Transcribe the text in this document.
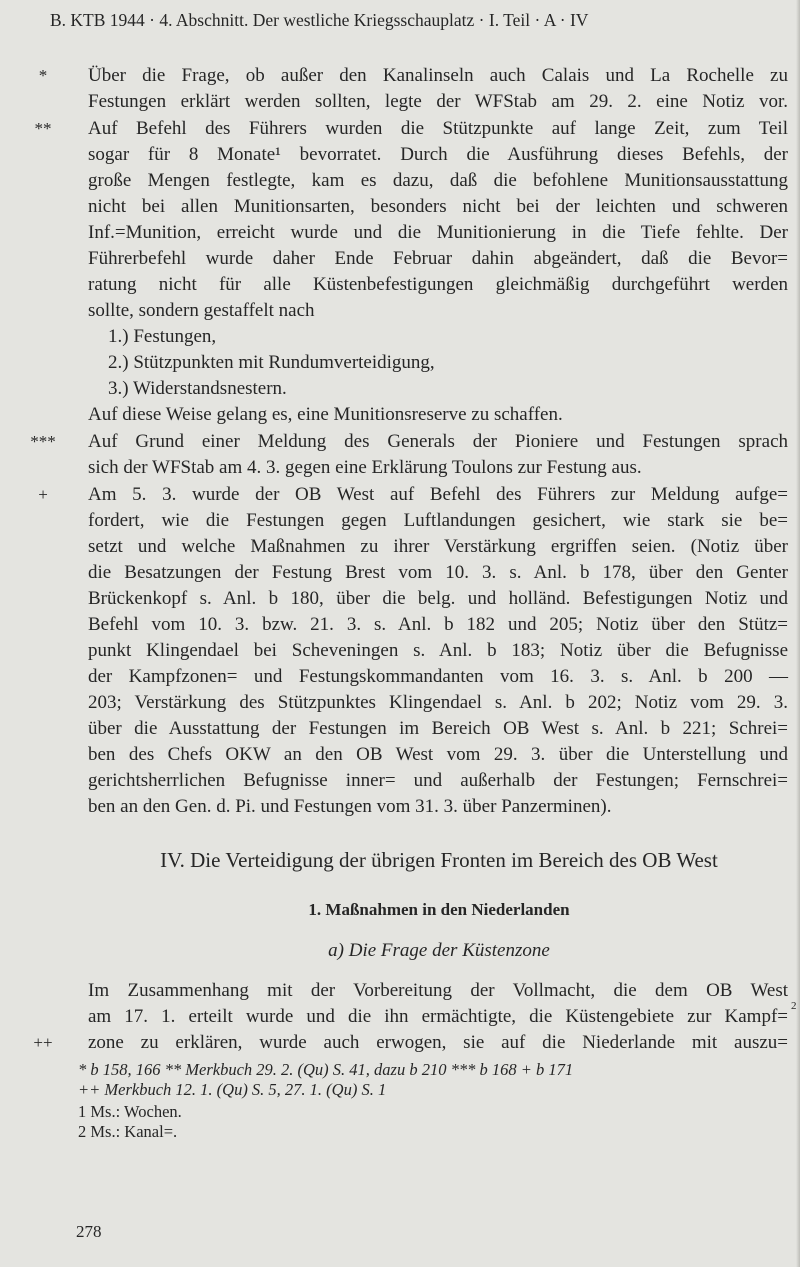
B. KTB 1944 · 4. Abschnitt. Der westliche Kriegsschauplatz · I. Teil · A · IV
Über die Frage, ob außer den Kanalinseln auch Calais und La Rochelle zu
*
Festungen erklärt werden sollten, legte der WFStab am 29. 2. eine Notiz vor.
Auf Befehl des Führers wurden die Stützpunkte auf lange Zeit, zum Teil
**
sogar für 8 Monate¹ bevorratet. Durch die Ausführung dieses Befehls, der
große Mengen festlegte, kam es dazu, daß die befohlene Munitionsausstattung
nicht bei allen Munitionsarten, besonders nicht bei der leichten und schweren
Inf.=Munition, erreicht wurde und die Munitionierung in die Tiefe fehlte. Der
Führerbefehl wurde daher Ende Februar dahin abgeändert, daß die Bevor=
ratung nicht für alle Küstenbefestigungen gleichmäßig durchgeführt werden
sollte, sondern gestaffelt nach
1.) Festungen,
2.) Stützpunkten mit Rundumverteidigung,
3.) Widerstandsnestern.
Auf diese Weise gelang es, eine Munitionsreserve zu schaffen.
Auf Grund einer Meldung des Generals der Pioniere und Festungen sprach
***
sich der WFStab am 4. 3. gegen eine Erklärung Toulons zur Festung aus.
Am 5. 3. wurde der OB West auf Befehl des Führers zur Meldung aufge=
+
fordert, wie die Festungen gegen Luftlandungen gesichert, wie stark sie be=
setzt und welche Maßnahmen zu ihrer Verstärkung ergriffen seien. (Notiz über
die Besatzungen der Festung Brest vom 10. 3. s. Anl. b 178, über den Genter
Brückenkopf s. Anl. b 180, über die belg. und holländ. Befestigungen Notiz und
Befehl vom 10. 3. bzw. 21. 3. s. Anl. b 182 und 205; Notiz über den Stütz=
punkt Klingendael bei Scheveningen s. Anl. b 183; Notiz über die Befugnisse
der Kampfzonen= und Festungskommandanten vom 16. 3. s. Anl. b 200 —
203; Verstärkung des Stützpunktes Klingendael s. Anl. b 202; Notiz vom 29. 3.
über die Ausstattung der Festungen im Bereich OB West s. Anl. b 221; Schrei=
ben des Chefs OKW an den OB West vom 29. 3. über die Unterstellung und
gerichtsherrlichen Befugnisse inner= und außerhalb der Festungen; Fernschrei=
ben an den Gen. d. Pi. und Festungen vom 31. 3. über Panzerminen).
Im Zusammenhang mit der Vorbereitung der Vollmacht, die dem OB West
am 17. 1. erteilt wurde und die ihn ermächtigte, die Küstengebiete zur Kampf=
zone zu erklären, wurde auch erwogen, sie auf die Niederlande mit auszu=
++
IV. Die Verteidigung der übrigen Fronten im Bereich des OB West
1. Maßnahmen in den Niederlanden
a) Die Frage der Küstenzone
2
* b 158, 166 ** Merkbuch 29. 2. (Qu) S. 41, dazu b 210 *** b 168 + b 171
++ Merkbuch 12. 1. (Qu) S. 5, 27. 1. (Qu) S. 1
1 Ms.: Wochen.
2 Ms.: Kanal=.
278
